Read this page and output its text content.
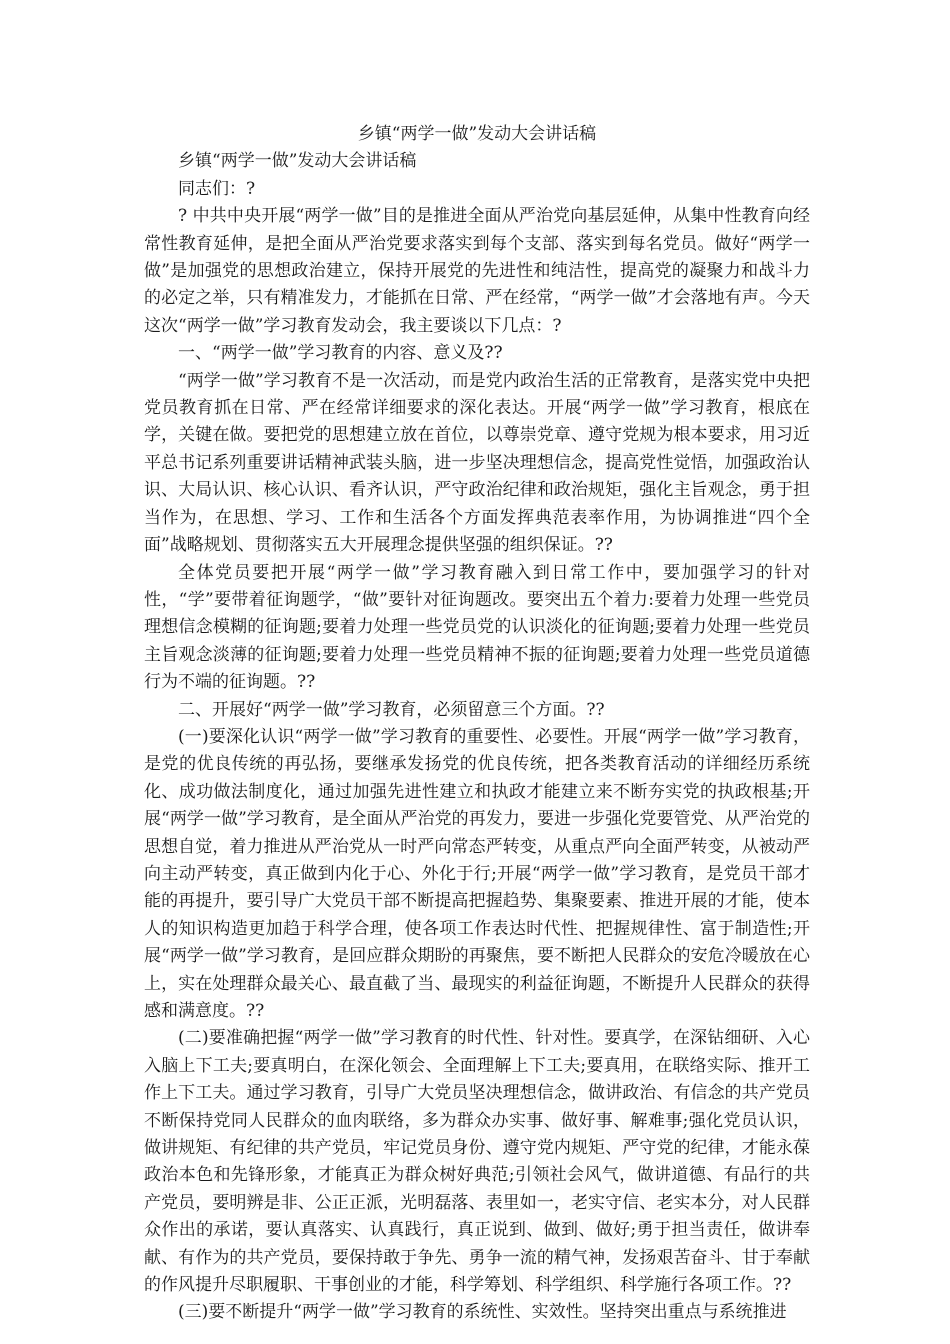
乡镇“两学一做”发动大会讲话稿

乡镇“两学一做”发动大会讲话稿

同志们：?

? 中共中央开展“两学一做”目的是推进全面从严治党向基层延伸，从集中性教育向经常性教育延伸，是把全面从严治党要求落实到每个支部、落实到每名党员。做好“两学一做”是加强党的思想政治建立，保持开展党的先进性和纯洁性，提高党的凝聚力和战斗力的必定之举，只有精准发力，才能抓在日常、严在经常，“两学一做”才会落地有声。今天这次“两学一做”学习教育发动会，我主要谈以下几点：?

一、“两学一做”学习教育的内容、意义及??

“两学一做”学习教育不是一次活动，而是党内政治生活的正常教育，是落实党中央把党员教育抓在日常、严在经常详细要求的深化表达。开展“两学一做”学习教育，根底在学，关键在做。要把党的思想建立放在首位，以尊崇党章、遵守党规为根本要求，用习近平总书记系列重要讲话精神武装头脑，进一步坚决理想信念，提高党性觉悟，加强政治认识、大局认识、核心认识、看齐认识，严守政治纪律和政治规矩，强化主旨观念，勇于担当作为，在思想、学习、工作和生活各个方面发挥典范表率作用，为协调推进“四个全面”战略规划、贯彻落实五大开展理念提供坚强的组织保证。??

全体党员要把开展“两学一做”学习教育融入到日常工作中，要加强学习的针对性，“学”要带着征询题学，“做”要针对征询题改。要突出五个着力:要着力处理一些党员理想信念模糊的征询题;要着力处理一些党员党的认识淡化的征询题;要着力处理一些党员主旨观念淡薄的征询题;要着力处理一些党员精神不振的征询题;要着力处理一些党员道德行为不端的征询题。??

二、开展好“两学一做”学习教育，必须留意三个方面。??

(一)要深化认识“两学一做”学习教育的重要性、必要性。开展“两学一做”学习教育，是党的优良传统的再弘扬，要继承发扬党的优良传统，把各类教育活动的详细经历系统化、成功做法制度化，通过加强先进性建立和执政才能建立来不断夯实党的执政根基;开展“两学一做”学习教育，是全面从严治党的再发力，要进一步强化党要管党、从严治党的思想自觉，着力推进从严治党从一时严向常态严转变，从重点严向全面严转变，从被动严向主动严转变，真正做到内化于心、外化于行;开展“两学一做”学习教育，是党员干部才能的再提升，要引导广大党员干部不断提高把握趋势、集聚要素、推进开展的才能，使本人的知识构造更加趋于科学合理，使各项工作表达时代性、把握规律性、富于制造性;开展“两学一做”学习教育，是回应群众期盼的再聚焦，要不断把人民群众的安危冷暖放在心上，实在处理群众最关心、最直截了当、最现实的利益征询题，不断提升人民群众的获得感和满意度。??

(二)要准确把握“两学一做”学习教育的时代性、针对性。要真学，在深钻细研、入心入脑上下工夫;要真明白，在深化领会、全面理解上下工夫;要真用，在联络实际、推开工作上下工夫。通过学习教育，引导广大党员坚决理想信念，做讲政治、有信念的共产党员不断保持党同人民群众的血肉联络，多为群众办实事、做好事、解难事;强化党员认识，做讲规矩、有纪律的共产党员，牢记党员身份、遵守党内规矩、严守党的纪律，才能永葆政治本色和先锋形象，才能真正为群众树好典范;引领社会风气，做讲道德、有品行的共产党员，要明辨是非、公正正派，光明磊落、表里如一，老实守信、老实本分，对人民群众作出的承诺，要认真落实、认真践行，真正说到、做到、做好;勇于担当责任，做讲奉献、有作为的共产党员，要保持敢于争先、勇争一流的精气神，发扬艰苦奋斗、甘于奉献的作风提升尽职履职、干事创业的才能，科学筹划、科学组织、科学施行各项工作。??

(三)要不断提升“两学一做”学习教育的系统性、实效性。坚持突出重点与系统推进
